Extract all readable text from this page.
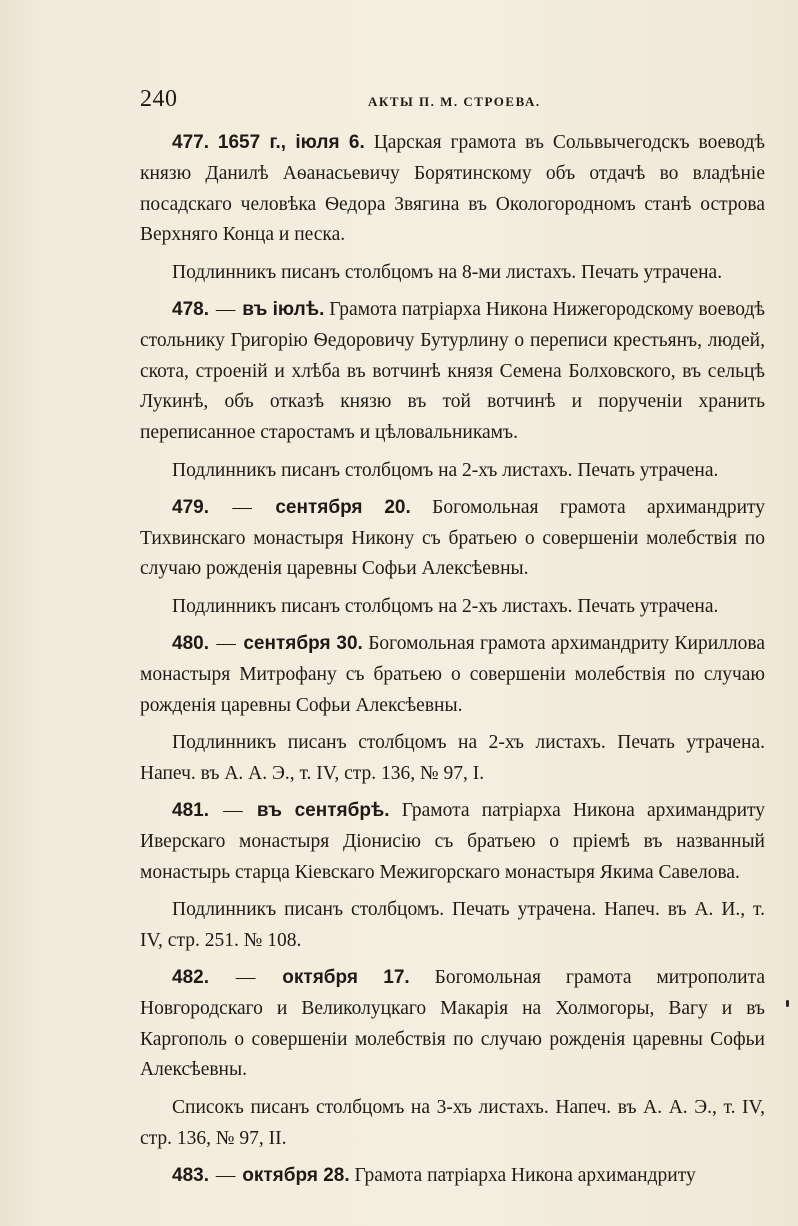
240	АКТЫ П. М. СТРОЕВА.

477. 1657 г., іюля 6. Царская грамота въ Сольвычегодскъ воеводѣ князю Данилѣ Аѳанасьевичу Борятинскому объ отдачѣ во владѣніе посадскаго человѣка Ѳедора Звягина въ Окологородномъ станѣ острова Верхняго Конца и песка.

Подлинникъ писанъ столбцомъ на 8-ми листахъ. Печать утрачена.

478. — въ іюлѣ. Грамота патріарха Никона Нижегородскому воеводѣ стольнику Григорію Ѳедоровичу Бутурлину о переписи крестьянъ, людей, скота, строеній и хлѣба въ вотчинѣ князя Семена Болховского, въ сельцѣ Лукинѣ, объ отказѣ князю въ той вотчинѣ и порученіи хранить переписанное старостамъ и цѣловальникамъ.

Подлинникъ писанъ столбцомъ на 2-хъ листахъ. Печать утрачена.

479. — сентября 20. Богомольная грамота архимандриту Тихвинскаго монастыря Никону съ братьею о совершеніи молебствія по случаю рожденія царевны Софьи Алексѣевны.

Подлинникъ писанъ столбцомъ на 2-хъ листахъ. Печать утрачена.

480. — сентября 30. Богомольная грамота архимандриту Кириллова монастыря Митрофану съ братьею о совершеніи молебствія по случаю рожденія царевны Софьи Алексѣевны.

Подлинникъ писанъ столбцомъ на 2-хъ листахъ. Печать утрачена. Напеч. въ А. А. Э., т. IV, стр. 136, № 97, I.

481. — въ сентябрѣ. Грамота патріарха Никона архимандриту Иверскаго монастыря Діонисію съ братьею о пріемѣ въ названный монастырь старца Кіевскаго Межигорскаго монастыря Якима Савелова.

Подлинникъ писанъ столбцомъ. Печать утрачена. Напеч. въ А. И., т. IV, стр. 251. № 108.

482. — октября 17. Богомольная грамота митрополита Новгородскаго и Великолуцкаго Макарія на Холмогоры, Вагу и въ Каргополь о совершеніи молебствія по случаю рожденія царевны Софьи Алексѣевны.

Списокъ писанъ столбцомъ на 3-хъ листахъ. Напеч. въ А. А. Э., т. IV, стр. 136, № 97, II.

483. — октября 28. Грамота патріарха Никона архимандриту
